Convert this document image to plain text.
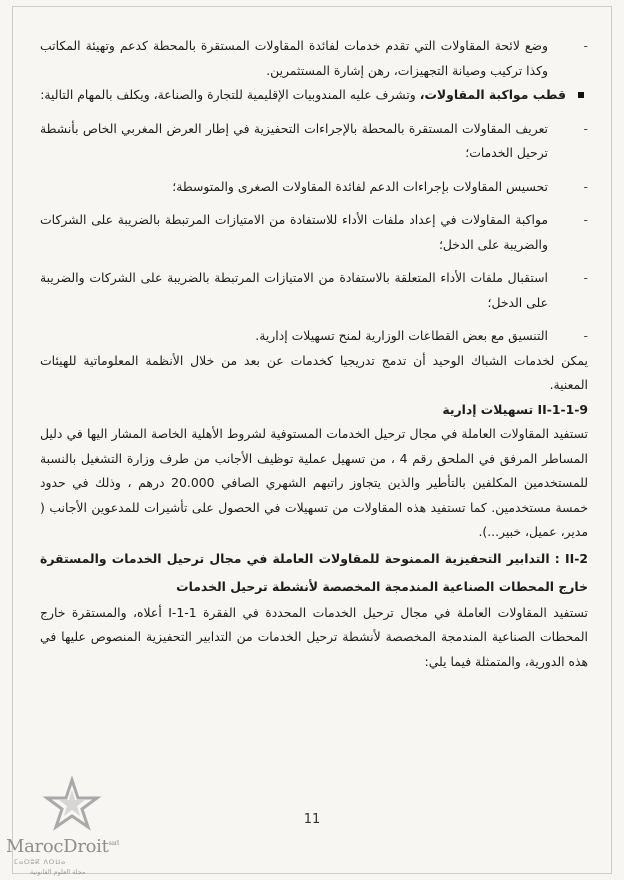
- وضع لائحة المقاولات التي تقدم خدمات لفائدة المقاولات المستقرة بالمحطة كدعم وتهيئة المكاتب وكذا تركيب وصيانة التجهيزات، رهن إشارة المستثمرين.

قطب مواكبة المقاولات، وتشرف عليه المندوبيات الإقليمية للتجارة والصناعة، ويكلف بالمهام التالية:

- تعريف المقاولات المستقرة بالمحطة بالإجراءات التحفيزية في إطار العرض المغربي الخاص بأنشطة ترحيل الخدمات؛

- تحسيس المقاولات بإجراءات الدعم لفائدة المقاولات الصغرى والمتوسطة؛

- مواكبة المقاولات في إعداد ملفات الأداء للاستفادة من الامتيازات المرتبطة بالضريبة على الشركات والضريبة على الدخل؛

- استقبال ملفات الأداء المتعلقة بالاستفادة من الامتيازات المرتبطة بالضريبة على الشركات والضريبة على الدخل؛

- التنسيق مع بعض القطاعات الوزارية لمنح تسهيلات إدارية.

يمكن لخدمات الشباك الوحيد أن تدمج تدريجيا كخدمات عن بعد من خلال الأنظمة المعلوماتية للهيئات المعنية.

II-1-1-9 تسهيلات إدارية

تستفيد المقاولات العاملة في مجال ترحيل الخدمات المستوفية لشروط الأهلية الخاصة المشار اليها في دليل المساطر المرفق في الملحق رقم 4 ، من تسهيل عملية توظيف الأجانب من طرف وزارة التشغيل بالنسبة للمستخدمين المكلفين بالتأطير والذين يتجاوز راتبهم الشهري الصافي 20.000 درهم ، وذلك في حدود خمسة مستخدمين. كما تستفيد هذه المقاولات من تسهيلات في الحصول على تأشيرات للمدعوين الأجانب ( مدير، عميل، خبير...).

II-2 : التدابير التحفيزية الممنوحة للمقاولات العاملة في مجال ترحيل الخدمات والمستقرة خارج المحطات الصناعية المندمجة المخصصة لأنشطة ترحيل الخدمات

تستفيد المقاولات العاملة في مجال ترحيل الخدمات المحددة في الفقرة I-1-1 أعلاه، والمستقرة خارج المحطات الصناعية المندمجة المخصصة لأنشطة ترحيل الخدمات من التدابير التحفيزية المنصوص عليها في هذه الدورية، والمتمثلة فيما يلي:

11
MarocDroit$^{sarl}$
ⵎⴰⵔⵓⴽ ⴷⵔⵡⴰ
مجلة العلوم القانونية
